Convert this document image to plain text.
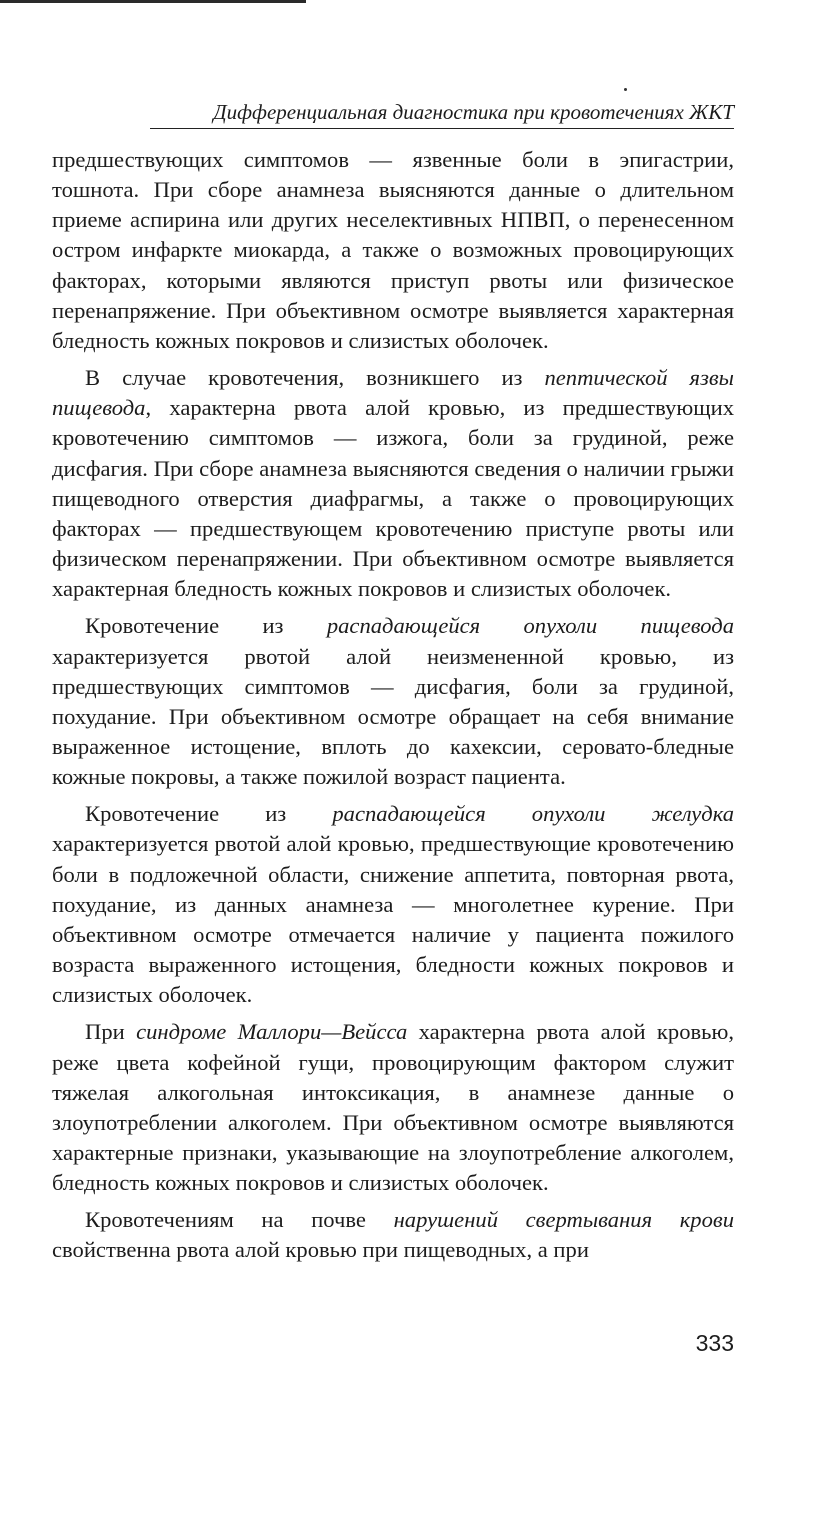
Дифференциальная диагностика при кровотечениях ЖКТ

предшествующих симптомов — язвенные боли в эпигастрии, тошнота. При сборе анамнеза выясняются данные о длительном приеме аспирина или других неселективных НПВП, о перенесенном остром инфаркте миокарда, а также о возможных провоцирующих факторах, которыми являются приступ рвоты или физическое перенапряжение. При объективном осмотре выявляется характерная бледность кожных покровов и слизистых оболочек.

В случае кровотечения, возникшего из пептической язвы пищевода, характерна рвота алой кровью, из предшествующих кровотечению симптомов — изжога, боли за грудиной, реже дисфагия. При сборе анамнеза выясняются сведения о наличии грыжи пищеводного отверстия диафрагмы, а также о провоцирующих факторах — предшествующем кровотечению приступе рвоты или физическом перенапряжении. При объективном осмотре выявляется характерная бледность кожных покровов и слизистых оболочек.

Кровотечение из распадающейся опухоли пищевода характеризуется рвотой алой неизмененной кровью, из предшествующих симптомов — дисфагия, боли за грудиной, похудание. При объективном осмотре обращает на себя внимание выраженное истощение, вплоть до кахексии, серовато-бледные кожные покровы, а также пожилой возраст пациента.

Кровотечение из распадающейся опухоли желудка характеризуется рвотой алой кровью, предшествующие кровотечению боли в подложечной области, снижение аппетита, повторная рвота, похудание, из данных анамнеза — многолетнее курение. При объективном осмотре отмечается наличие у пациента пожилого возраста выраженного истощения, бледности кожных покровов и слизистых оболочек.

При синдроме Маллори—Вейсса характерна рвота алой кровью, реже цвета кофейной гущи, провоцирующим фактором служит тяжелая алкогольная интоксикация, в анамнезе данные о злоупотреблении алкоголем. При объективном осмотре выявляются характерные признаки, указывающие на злоупотребление алкоголем, бледность кожных покровов и слизистых оболочек.

Кровотечениям на почве нарушений свертывания крови свойственна рвота алой кровью при пищеводных, а при

333
